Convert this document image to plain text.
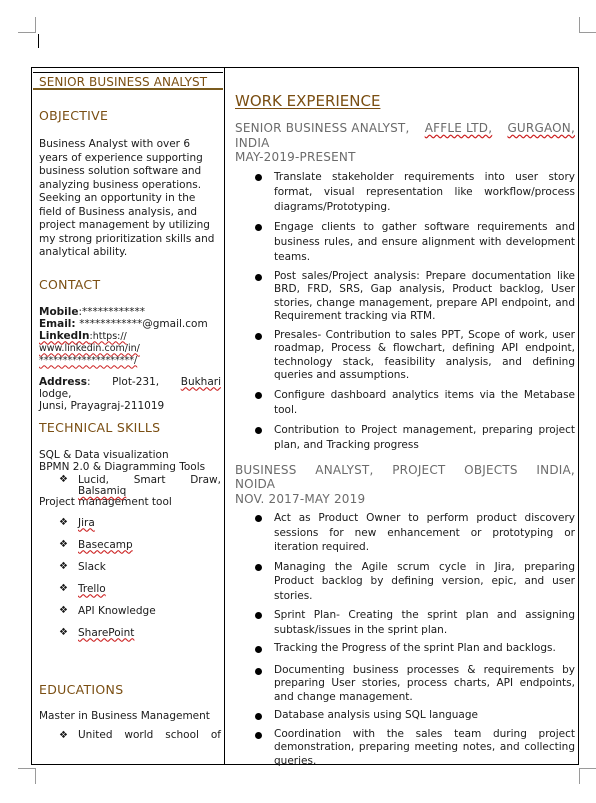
SENIOR BUSINESS ANALYST
OBJECTIVE

Business Analyst with over 6

years of experience supporting

business solution software and

analyzing business operations.

Seeking an opportunity in the

field of Business analysis, and

project management by utilizing

my strong prioritization skills and

analytical ability.

CONTACT

Mobile:************

Email: ************@gmail.com

LinkedIn:https://

www.linkedin.com/in/

********************/

Address: Plot-231, Bukhari

lodge,

Junsi, Prayagraj-211019

TECHNICAL SKILLS

SQL & Data visualization

BPMN 2.0 & Diagramming Tools

❖ Lucid, Smart Draw,
Balsamiq

Project management tool

❖ Jira
❖ Basecamp
❖ Slack
❖ Trello
❖ API Knowledge
❖ SharePoint
EDUCATIONS

Master in Business Management

❖ United world school of
WORK EXPERIENCE
SENIOR BUSINESS ANALYST, AFFLE LTD, GURGAON,
INDIA
MAY-2019-PRESENT
Translate stakeholder requirements into user story format, visual representation like workflow/process diagrams/Prototyping.
Engage clients to gather software requirements and business rules, and ensure alignment with development teams.
Post sales/Project analysis: Prepare documentation like BRD, FRD, SRS, Gap analysis, Product backlog, User stories, change management, prepare API endpoint, and Requirement tracking via RTM.
Presales- Contribution to sales PPT, Scope of work, user roadmap, Process & flowchart, defining API endpoint, technology stack, feasibility analysis, and defining queries and assumptions.
Configure dashboard analytics items via the Metabase tool.
Contribution to Project management, preparing project plan, and Tracking progress
BUSINESS ANALYST, PROJECT OBJECTS INDIA,
NOIDA
NOV. 2017-MAY 2019
Act as Product Owner to perform product discovery sessions for new enhancement or prototyping or iteration required.
Managing the Agile scrum cycle in Jira, preparing Product backlog by defining version, epic, and user stories.
Sprint Plan- Creating the sprint plan and assigning subtask/issues in the sprint plan.
Tracking the Progress of the sprint Plan and backlogs.
Documenting business processes & requirements by preparing User stories, process charts, API endpoints, and change management.
Database analysis using SQL language
Coordination with the sales team during project demonstration, preparing meeting notes, and collecting queries.
